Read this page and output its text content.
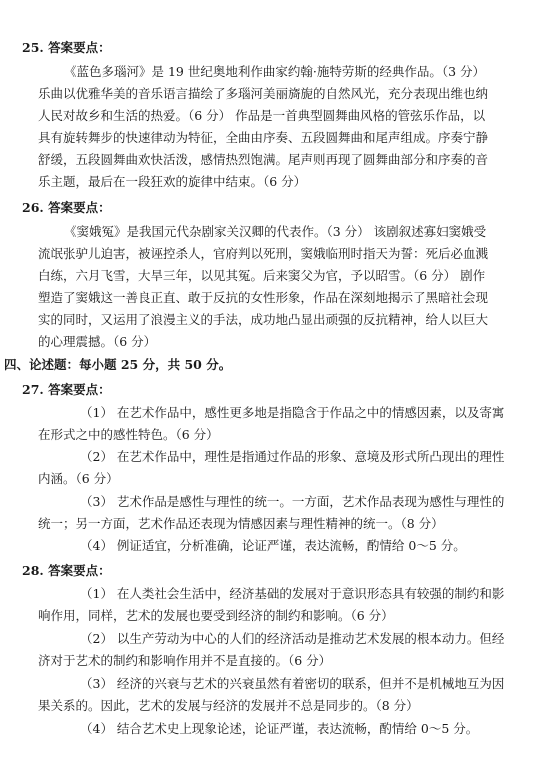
25. 答案要点：
《蓝色多瑙河》是 19 世纪奥地利作曲家约翰·施特劳斯的经典作品。（3 分）
乐曲以优雅华美的音乐语言描绘了多瑙河美丽旖旎的自然风光，充分表现出维也纳
人民对故乡和生活的热爱。（6 分） 作品是一首典型圆舞曲风格的管弦乐作品，以
具有旋转舞步的快速律动为特征，全曲由序奏、五段圆舞曲和尾声组成。序奏宁静
舒缓，五段圆舞曲欢快活泼，感情热烈饱满。尾声则再现了圆舞曲部分和序奏的音
乐主题，最后在一段狂欢的旋律中结束。（6 分）
26. 答案要点：
《窦娥冤》是我国元代杂剧家关汉卿的代表作。（3 分） 该剧叙述寡妇窦娥受
流氓张驴儿迫害，被诬控杀人，官府判以死刑，窦娥临刑时指天为誓：死后必血溅
白练，六月飞雪，大旱三年，以见其冤。后来窦父为官，予以昭雪。（6 分） 剧作
塑造了窦娥这一善良正直、敢于反抗的女性形象，作品在深刻地揭示了黑暗社会现
实的同时，又运用了浪漫主义的手法，成功地凸显出顽强的反抗精神，给人以巨大
的心理震撼。（6 分）
四、论述题：每小题 25 分，共 50 分。
27. 答案要点：
（1） 在艺术作品中，感性更多地是指隐含于作品之中的情感因素，以及寄寓
在形式之中的感性特色。（6 分）
（2） 在艺术作品中，理性是指通过作品的形象、意境及形式所凸现出的理性
内涵。（6 分）
（3） 艺术作品是感性与理性的统一。一方面，艺术作品表现为感性与理性的
统一；另一方面，艺术作品还表现为情感因素与理性精神的统一。（8 分）
（4） 例证适宜，分析准确，论证严谨，表达流畅，酌情给 0～5 分。
28. 答案要点：
（1） 在人类社会生活中，经济基础的发展对于意识形态具有较强的制约和影
响作用，同样，艺术的发展也要受到经济的制约和影响。（6 分）
（2） 以生产劳动为中心的人们的经济活动是推动艺术发展的根本动力。但经
济对于艺术的制约和影响作用并不是直接的。（6 分）
（3） 经济的兴衰与艺术的兴衰虽然有着密切的联系，但并不是机械地互为因
果关系的。因此，艺术的发展与经济的发展并不总是同步的。（8 分）
（4） 结合艺术史上现象论述，论证严谨，表达流畅，酌情给 0～5 分。
